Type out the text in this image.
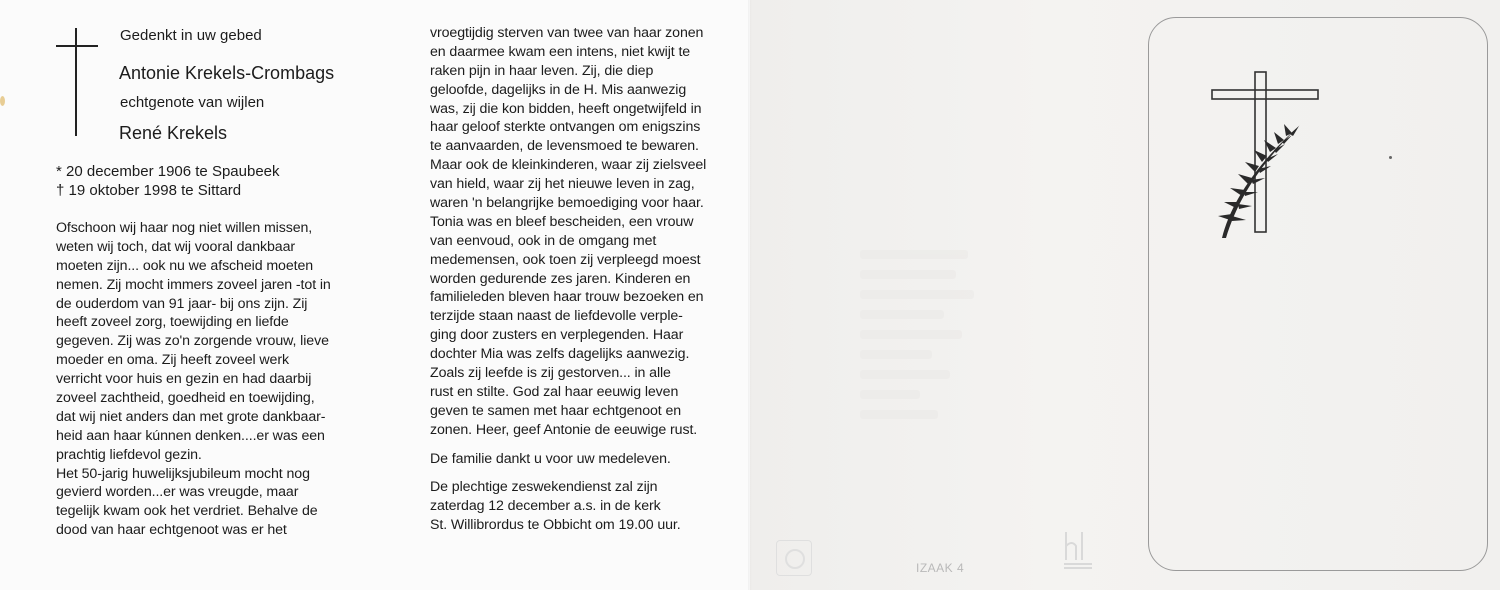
Gedenkt in uw gebed
Antonie Krekels-Crombags
echtgenote van wijlen
René Krekels
* 20 december 1906 te Spaubeek
† 19 oktober 1998 te Sittard
Ofschoon wij haar nog niet willen missen,
weten wij toch, dat wij vooral dankbaar
moeten zijn... ook nu we afscheid moeten
nemen. Zij mocht immers zoveel jaren -tot in
de ouderdom van 91 jaar- bij ons zijn. Zij
heeft zoveel zorg, toewijding en liefde
gegeven. Zij was zo'n zorgende vrouw, lieve
moeder en oma. Zij heeft zoveel werk
verricht voor huis en gezin en had daarbij
zoveel zachtheid, goedheid en toewijding,
dat wij niet anders dan met grote dankbaar-
heid aan haar kúnnen denken....er was een
prachtig liefdevol gezin.
Het 50-jarig huwelijksjubileum mocht nog
gevierd worden...er was vreugde, maar
tegelijk kwam ook het verdriet. Behalve de
dood van haar echtgenoot was er het
vroegtijdig sterven van twee van haar zonen
en daarmee kwam een intens, niet kwijt te
raken pijn in haar leven. Zij, die diep
geloofde, dagelijks in de H. Mis aanwezig
was, zij die kon bidden, heeft ongetwijfeld in
haar geloof sterkte ontvangen om enigszins
te aanvaarden, de levensmoed te bewaren.
Maar ook de kleinkinderen, waar zij zielsveel
van hield, waar zij het nieuwe leven in zag,
waren 'n belangrijke bemoediging voor haar.
Tonia was en bleef bescheiden, een vrouw
van eenvoud, ook in de omgang met
medemensen, ook toen zij verpleegd moest
worden gedurende zes jaren. Kinderen en
familieleden bleven haar trouw bezoeken en
terzijde staan naast de liefdevolle verple-
ging door zusters en verplegenden. Haar
dochter Mia was zelfs dagelijks aanwezig.
Zoals zij leefde is zij gestorven... in alle
rust en stilte. God zal haar eeuwig leven
geven te samen met haar echtgenoot en
zonen. Heer, geef Antonie de eeuwige rust.
De familie dankt u voor uw medeleven.
De plechtige zeswekendienst zal zijn
zaterdag 12 december a.s. in de kerk
St. Willibrordus te Obbicht om 19.00 uur.
IZAAK 4
